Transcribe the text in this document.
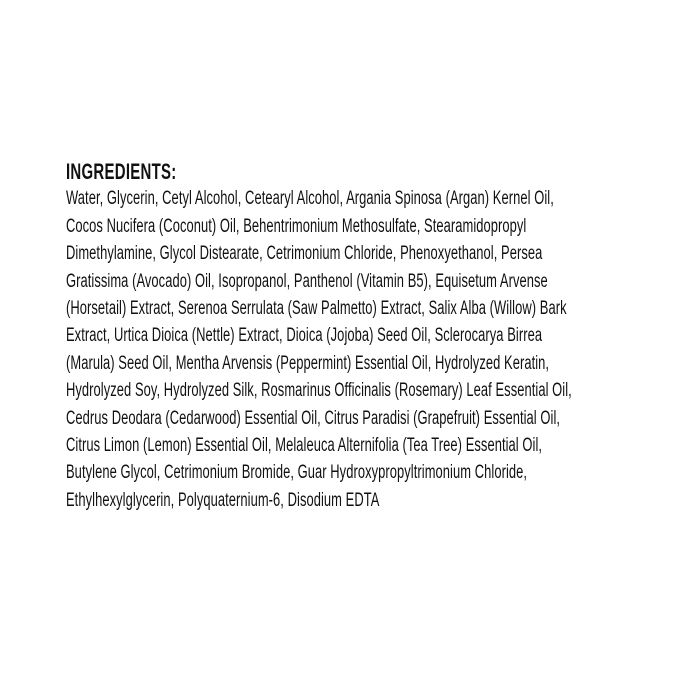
INGREDIENTS:
Water, Glycerin, Cetyl Alcohol, Cetearyl Alcohol, Argania Spinosa (Argan) Kernel Oil,
Cocos Nucifera (Coconut) Oil, Behentrimonium Methosulfate, Stearamidopropyl
Dimethylamine, Glycol Distearate, Cetrimonium Chloride, Phenoxyethanol, Persea
Gratissima (Avocado) Oil, Isopropanol, Panthenol (Vitamin B5), Equisetum Arvense
(Horsetail) Extract, Serenoa Serrulata (Saw Palmetto) Extract, Salix Alba (Willow) Bark
Extract, Urtica Dioica (Nettle) Extract, Dioica (Jojoba) Seed Oil, Sclerocarya Birrea
(Marula) Seed Oil, Mentha Arvensis (Peppermint) Essential Oil, Hydrolyzed Keratin,
Hydrolyzed Soy, Hydrolyzed Silk, Rosmarinus Officinalis (Rosemary) Leaf Essential Oil,
Cedrus Deodara (Cedarwood) Essential Oil, Citrus Paradisi (Grapefruit) Essential Oil,
Citrus Limon (Lemon) Essential Oil, Melaleuca Alternifolia (Tea Tree) Essential Oil,
Butylene Glycol, Cetrimonium Bromide, Guar Hydroxypropyltrimonium Chloride,
Ethylhexylglycerin, Polyquaternium-6, Disodium EDTA
